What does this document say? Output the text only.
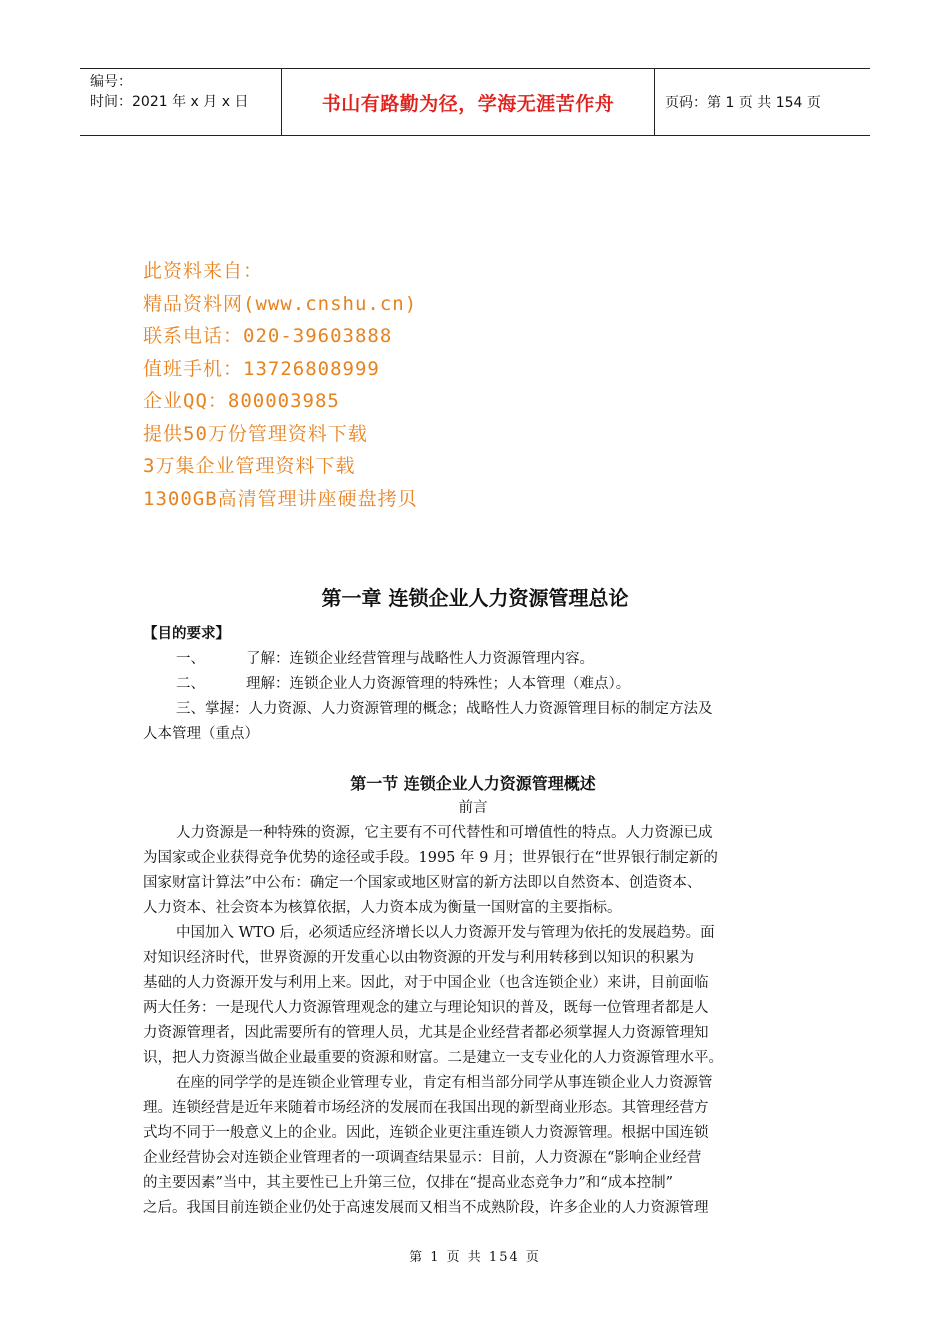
编号：
时间：2021 年 x 月 x 日	书山有路勤为径，学海无涯苦作舟	页码：第 1 页 共 154 页
此资料来自：
精品资料网(www.cnshu.cn)
联系电话：020-39603888
值班手机：13726808999
企业QQ：800003985
提供50万份管理资料下载
3万集企业管理资料下载
1300GB高清管理讲座硬盘拷贝
第一章 连锁企业人力资源管理总论
【目的要求】
一、	了解：连锁企业经营管理与战略性人力资源管理内容。
二、	理解：连锁企业人力资源管理的特殊性；人本管理（难点）。
三、掌握：人力资源、人力资源管理的概念；战略性人力资源管理目标的制定方法及
人本管理（重点）
第一节 连锁企业人力资源管理概述
前言
人力资源是一种特殊的资源，它主要有不可代替性和可增值性的特点。人力资源已成
为国家或企业获得竞争优势的途径或手段。1995 年 9 月；世界银行在“世界银行制定新的
国家财富计算法”中公布：确定一个国家或地区财富的新方法即以自然资本、创造资本、
人力资本、社会资本为核算依据，人力资本成为衡量一国财富的主要指标。
中国加入 WTO 后，必须适应经济增长以人力资源开发与管理为依托的发展趋势。面
对知识经济时代，世界资源的开发重心以由物资源的开发与利用转移到以知识的积累为
基础的人力资源开发与利用上来。因此，对于中国企业（也含连锁企业）来讲，目前面临
两大任务：一是现代人力资源管理观念的建立与理论知识的普及，既每一位管理者都是人
力资源管理者，因此需要所有的管理人员，尤其是企业经营者都必须掌握人力资源管理知
识，把人力资源当做企业最重要的资源和财富。二是建立一支专业化的人力资源管理水平。
在座的同学学的是连锁企业管理专业，肯定有相当部分同学从事连锁企业人力资源管
理。连锁经营是近年来随着市场经济的发展而在我国出现的新型商业形态。其管理经营方
式均不同于一般意义上的企业。因此，连锁企业更注重连锁人力资源管理。根据中国连锁
企业经营协会对连锁企业管理者的一项调查结果显示：目前，人力资源在“影响企业经营
的主要因素”当中，其主要性已上升第三位，仅排在“提高业态竞争力”和“成本控制”
之后。我国目前连锁企业仍处于高速发展而又相当不成熟阶段，许多企业的人力资源管理
第 1 页 共 154 页
